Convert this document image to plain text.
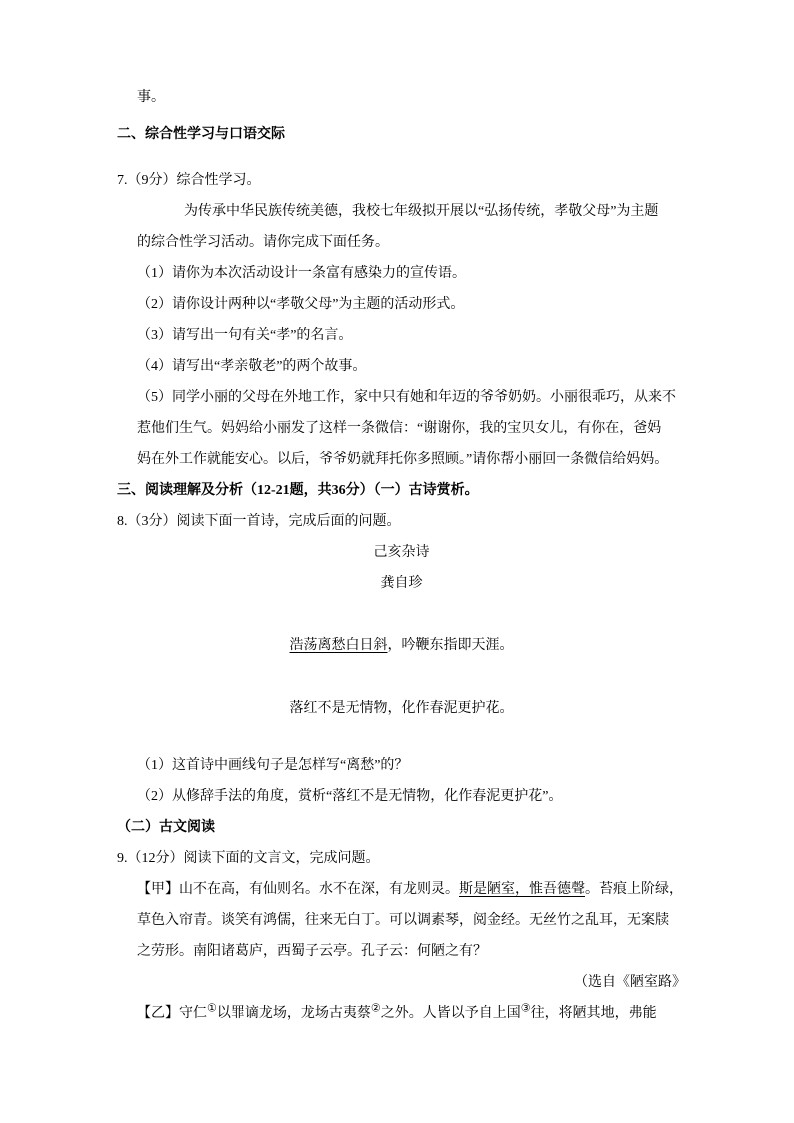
事。
二、综合性学习与口语交际
7.（9分）综合性学习。
为传承中华民族传统美德，我校七年级拟开展以“弘扬传统，孝敬父母”为主题
的综合性学习活动。请你完成下面任务。
（1）请你为本次活动设计一条富有感染力的宣传语。
（2）请你设计两种以“孝敬父母”为主题的活动形式。
（3）请写出一句有关“孝”的名言。
（4）请写出“孝亲敬老”的两个故事。
（5）同学小丽的父母在外地工作，家中只有她和年迈的爷爷奶奶。小丽很乖巧，从来不
惹他们生气。妈妈给小丽发了这样一条微信：“谢谢你，我的宝贝女儿，有你在，爸妈
妈在外工作就能安心。以后，爷爷奶就拜托你多照顾。”请你帮小丽回一条微信给妈妈。
三、阅读理解及分析（12-21题，共36分）（一）古诗赏析。
8.（3分）阅读下面一首诗，完成后面的问题。
己亥杂诗
龚自珍
浩荡离愁白日斜，吟鞭东指即天涯。
落红不是无情物，化作春泥更护花。
（1）这首诗中画线句子是怎样写“离愁”的？
（2）从修辞手法的角度，赏析“落红不是无情物，化作春泥更护花”。
（二）古文阅读
9.（12分）阅读下面的文言文，完成问题。
【甲】山不在高，有仙则名。水不在深，有龙则灵。斯是陋室，惟吾德聲。苔痕上阶绿，
草色入帘青。谈笑有鸿儒，往来无白丁。可以调素琴，阅金经。无丝竹之乱耳，无案牍
之劳形。南阳诸葛庐，西蜀子云亭。孔子云：何陋之有？
（选自《陋室路》
【乙】守仁①以罪谪龙场，龙场古夷蔡②之外。人皆以予自上国③往，将陋其地，弗能
